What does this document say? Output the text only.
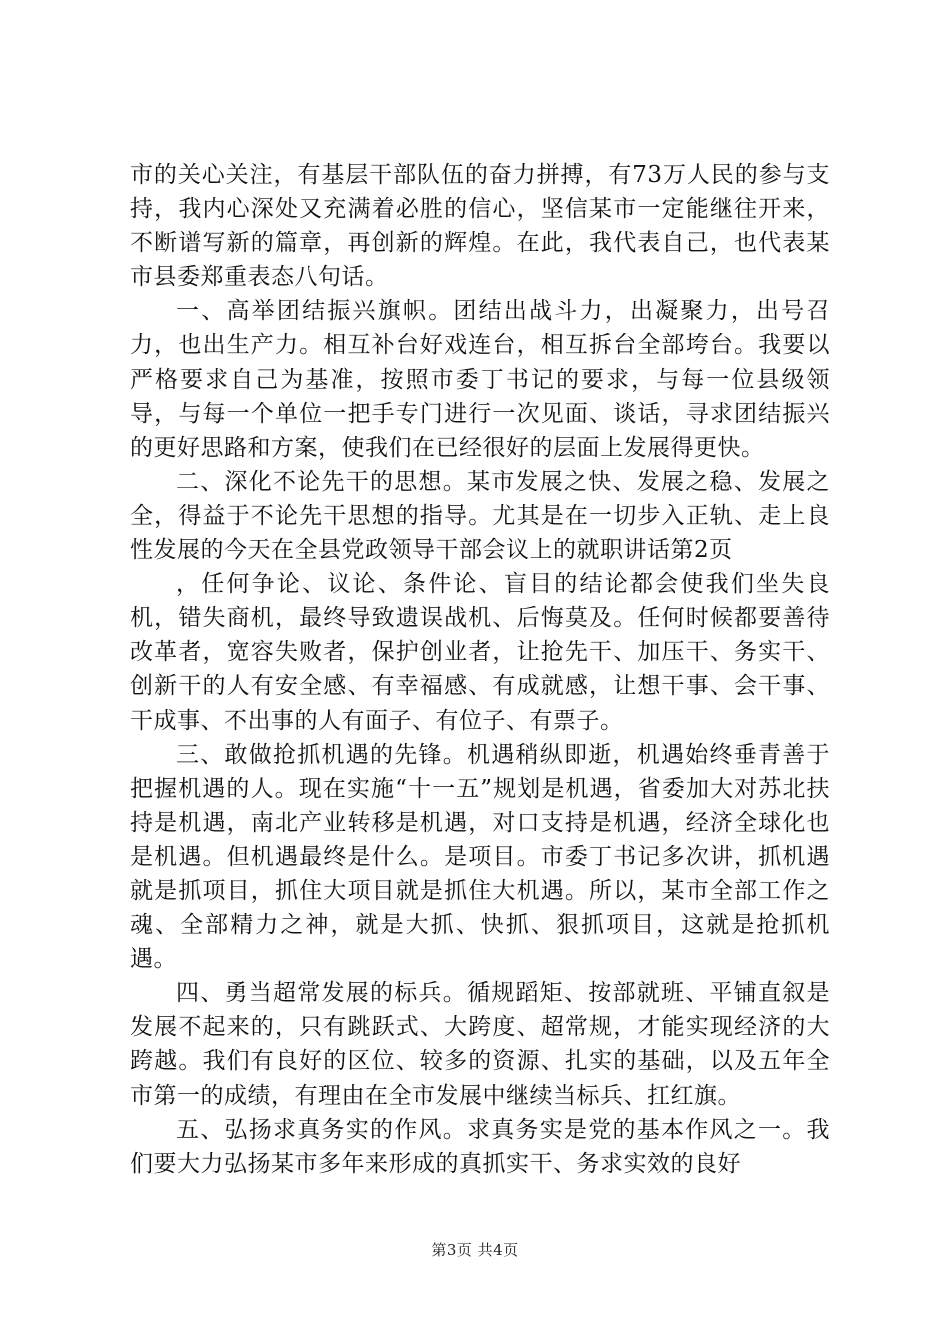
市的关心关注，有基层干部队伍的奋力拼搏，有73万人民的参与支持，我内心深处又充满着必胜的信心，坚信某市一定能继往开来，不断谱写新的篇章，再创新的辉煌。在此，我代表自己，也代表某市县委郑重表态八句话。

一、高举团结振兴旗帜。团结出战斗力，出凝聚力，出号召力，也出生产力。相互补台好戏连台，相互拆台全部垮台。我要以严格要求自己为基准，按照市委丁书记的要求，与每一位县级领导，与每一个单位一把手专门进行一次见面、谈话，寻求团结振兴的更好思路和方案，使我们在已经很好的层面上发展得更快。

二、深化不论先干的思想。某市发展之快、发展之稳、发展之全，得益于不论先干思想的指导。尤其是在一切步入正轨、走上良性发展的今天在全县党政领导干部会议上的就职讲话第2页

，任何争论、议论、条件论、盲目的结论都会使我们坐失良机，错失商机，最终导致遗误战机、后悔莫及。任何时候都要善待改革者，宽容失败者，保护创业者，让抢先干、加压干、务实干、创新干的人有安全感、有幸福感、有成就感，让想干事、会干事、干成事、不出事的人有面子、有位子、有票子。

三、敢做抢抓机遇的先锋。机遇稍纵即逝，机遇始终垂青善于把握机遇的人。现在实施“十一五”规划是机遇，省委加大对苏北扶持是机遇，南北产业转移是机遇，对口支持是机遇，经济全球化也是机遇。但机遇最终是什么。是项目。市委丁书记多次讲，抓机遇就是抓项目，抓住大项目就是抓住大机遇。所以，某市全部工作之魂、全部精力之神，就是大抓、快抓、狠抓项目，这就是抢抓机遇。

四、勇当超常发展的标兵。循规蹈矩、按部就班、平铺直叙是发展不起来的，只有跳跃式、大跨度、超常规，才能实现经济的大跨越。我们有良好的区位、较多的资源、扎实的基础，以及五年全市第一的成绩，有理由在全市发展中继续当标兵、扛红旗。

五、弘扬求真务实的作风。求真务实是党的基本作风之一。我们要大力弘扬某市多年来形成的真抓实干、务求实效的良好

第3页 共4页
